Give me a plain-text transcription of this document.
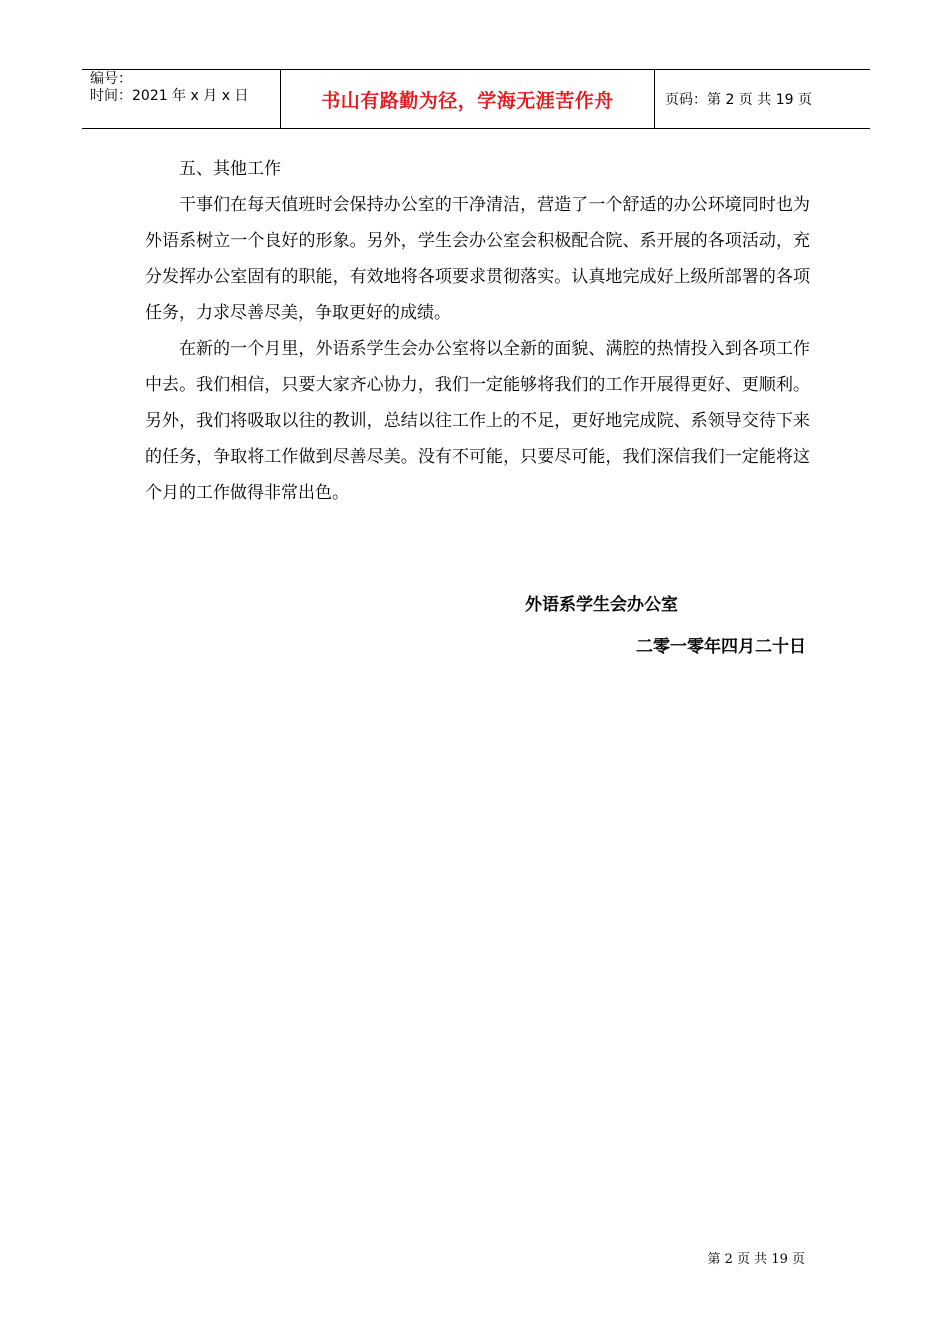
编号：
时间：2021 年 x 月 x 日	书山有路勤为径，学海无涯苦作舟	页码：第 2 页 共 19 页
五、其他工作

干事们在每天值班时会保持办公室的干净清洁，营造了一个舒适的办公环境同时也为外语系树立一个良好的形象。另外，学生会办公室会积极配合院、系开展的各项活动，充分发挥办公室固有的职能，有效地将各项要求贯彻落实。认真地完成好上级所部署的各项任务，力求尽善尽美，争取更好的成绩。

在新的一个月里，外语系学生会办公室将以全新的面貌、满腔的热情投入到各项工作中去。我们相信，只要大家齐心协力，我们一定能够将我们的工作开展得更好、更顺利。另外，我们将吸取以往的教训，总结以往工作上的不足，更好地完成院、系领导交待下来的任务，争取将工作做到尽善尽美。没有不可能，只要尽可能，我们深信我们一定能将这个月的工作做得非常出色。

外语系学生会办公室
二零一零年四月二十日
第 2 页 共 19 页
